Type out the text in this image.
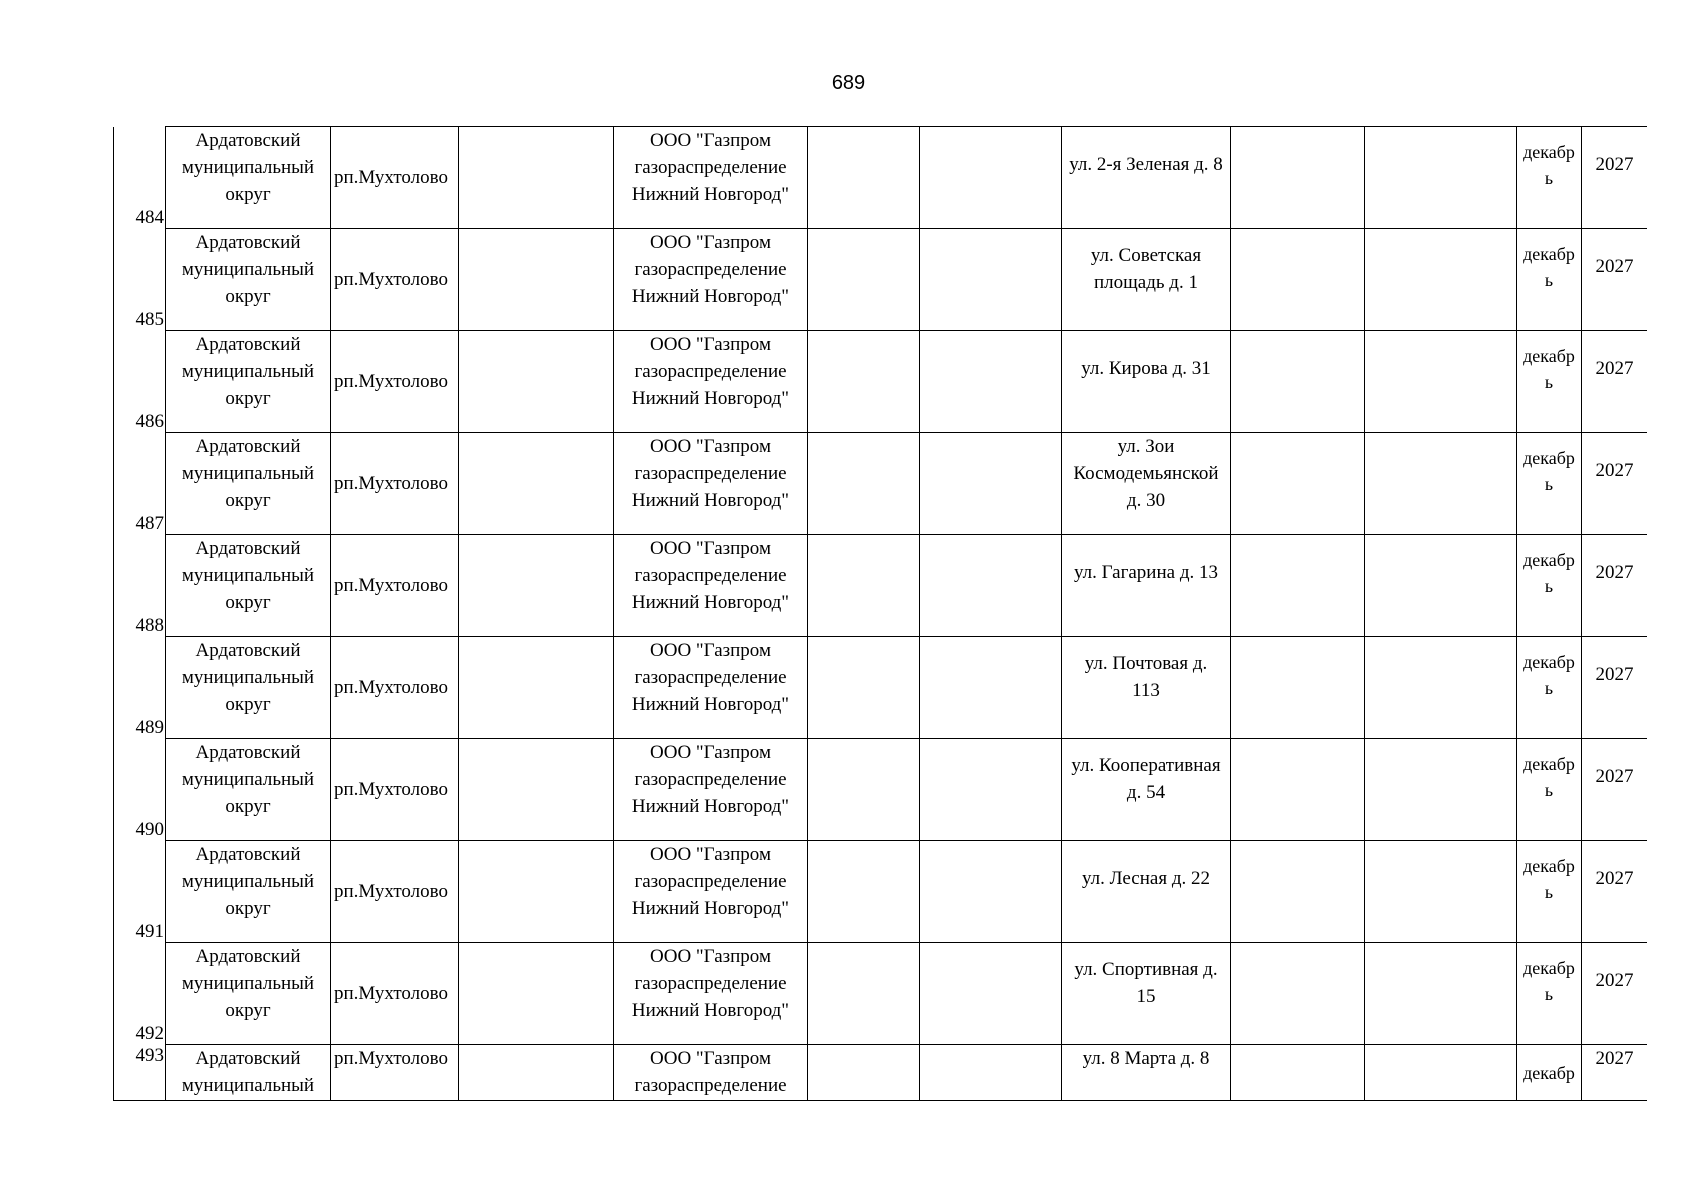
689
484	Ардатовский
муниципальный
округ	рп.Мухтолово		ООО "Газпром
газораспределение
Нижний Новгород"			ул. 2-я Зеленая д. 8			декабр
ь	2027
485	Ардатовский
муниципальный
округ	рп.Мухтолово		ООО "Газпром
газораспределение
Нижний Новгород"			ул. Советская
площадь д. 1			декабр
ь	2027
486	Ардатовский
муниципальный
округ	рп.Мухтолово		ООО "Газпром
газораспределение
Нижний Новгород"			ул. Кирова д. 31			декабр
ь	2027
487	Ардатовский
муниципальный
округ	рп.Мухтолово		ООО "Газпром
газораспределение
Нижний Новгород"			ул. Зои
Космодемьянской
д. 30			декабр
ь	2027
488	Ардатовский
муниципальный
округ	рп.Мухтолово		ООО "Газпром
газораспределение
Нижний Новгород"			ул. Гагарина д. 13			декабр
ь	2027
489	Ардатовский
муниципальный
округ	рп.Мухтолово		ООО "Газпром
газораспределение
Нижний Новгород"			ул. Почтовая д.
113			декабр
ь	2027
490	Ардатовский
муниципальный
округ	рп.Мухтолово		ООО "Газпром
газораспределение
Нижний Новгород"			ул. Кооперативная
д. 54			декабр
ь	2027
491	Ардатовский
муниципальный
округ	рп.Мухтолово		ООО "Газпром
газораспределение
Нижний Новгород"			ул. Лесная д. 22			декабр
ь	2027
492	Ардатовский
муниципальный
округ	рп.Мухтолово		ООО "Газпром
газораспределение
Нижний Новгород"			ул. Спортивная д.
15			декабр
ь	2027
493	Ардатовский
муниципальный	рп.Мухтолово		ООО "Газпром
газораспределение			ул. 8 Марта д. 8			декабр	2027
